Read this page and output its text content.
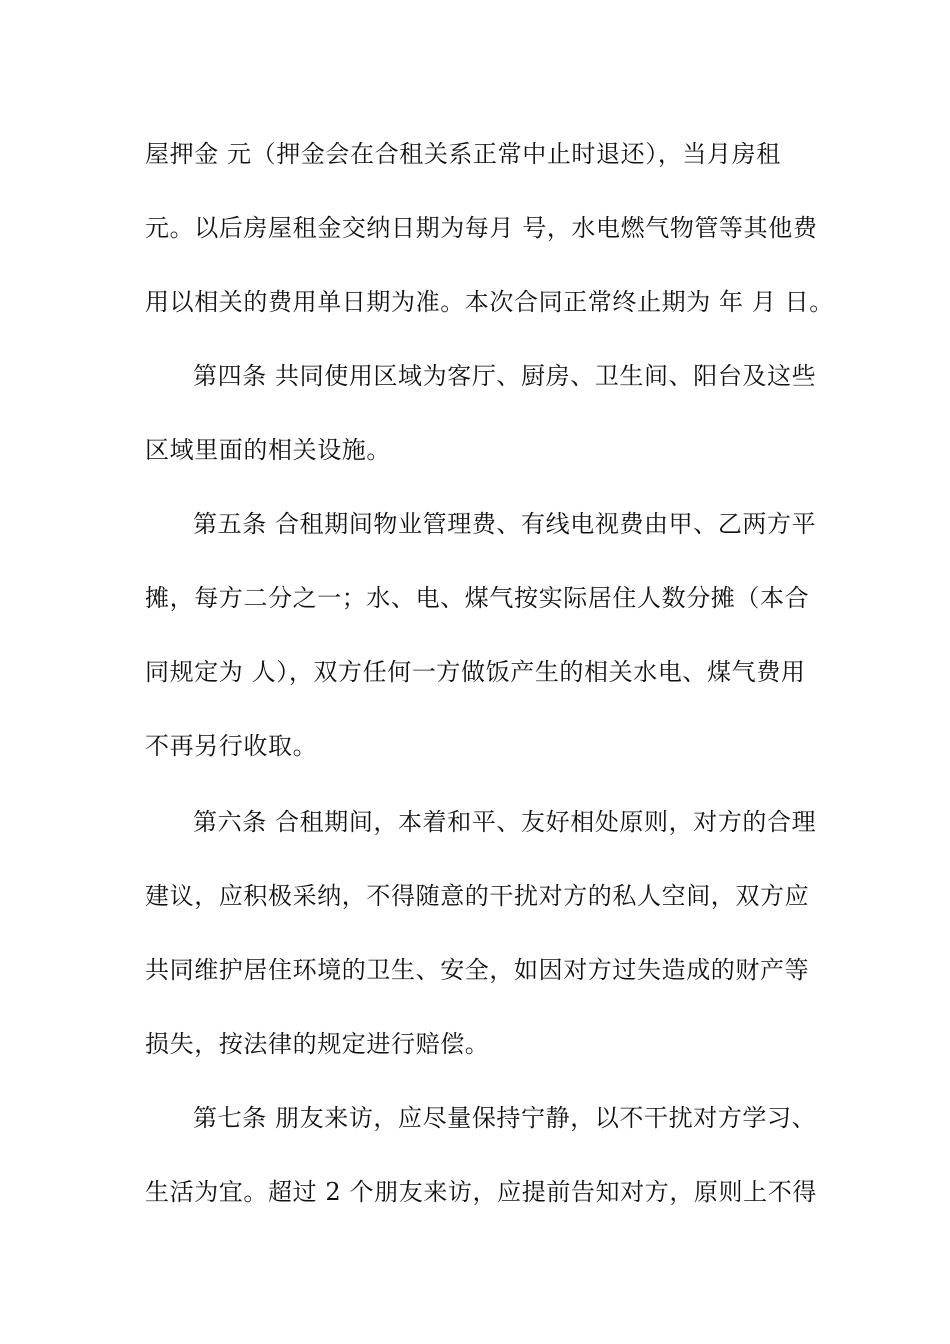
屋押金 元（押金会在合租关系正常中止时退还），当月房租
元。以后房屋租金交纳日期为每月 号，水电燃气物管等其他费
用以相关的费用单日期为准。本次合同正常终止期为 年 月 日。
第四条 共同使用区域为客厅、厨房、卫生间、阳台及这些
区域里面的相关设施。
第五条 合租期间物业管理费、有线电视费由甲、乙两方平
摊，每方二分之一；水、电、煤气按实际居住人数分摊（本合
同规定为 人），双方任何一方做饭产生的相关水电、煤气费用
不再另行收取。
第六条 合租期间，本着和平、友好相处原则，对方的合理
建议，应积极采纳，不得随意的干扰对方的私人空间，双方应
共同维护居住环境的卫生、安全，如因对方过失造成的财产等
损失，按法律的规定进行赔偿。
第七条 朋友来访，应尽量保持宁静，以不干扰对方学习、
生活为宜。超过 2 个朋友来访，应提前告知对方，原则上不得
